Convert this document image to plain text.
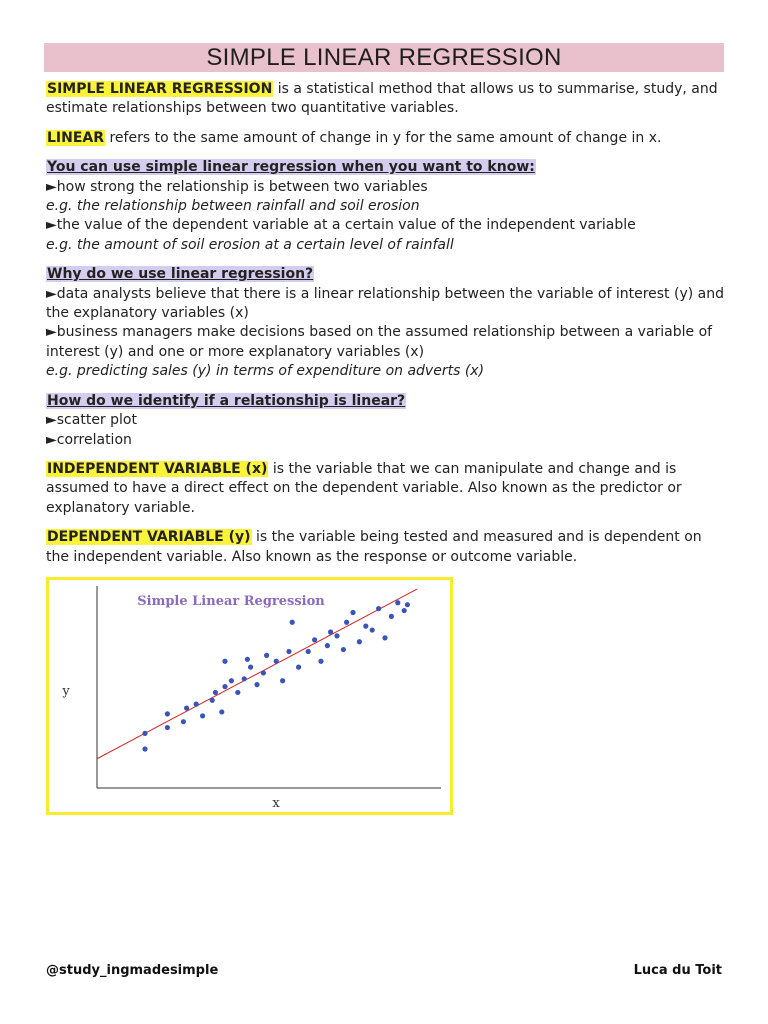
SIMPLE LINEAR REGRESSION

SIMPLE LINEAR REGRESSION is a statistical method that allows us to summarise, study, and estimate relationships between two quantitative variables.

LINEAR refers to the same amount of change in y for the same amount of change in x.

You can use simple linear regression when you want to know:

►how strong the relationship is between two variables

e.g. the relationship between rainfall and soil erosion

►the value of the dependent variable at a certain value of the independent variable

e.g. the amount of soil erosion at a certain level of rainfall

Why do we use linear regression?

►data analysts believe that there is a linear relationship between the variable of interest (y) and the explanatory variables (x)

►business managers make decisions based on the assumed relationship between a variable of interest (y) and one or more explanatory variables (x)

e.g. predicting sales (y) in terms of expenditure on adverts (x)

How do we identify if a relationship is linear?

►scatter plot

►correlation

INDEPENDENT VARIABLE (x) is the variable that we can manipulate and change and is assumed to have a direct effect on the dependent variable. Also known as the predictor or explanatory variable.

DEPENDENT VARIABLE (y) is the variable being tested and measured and is dependent on the independent variable. Also known as the response or outcome variable.

Simple Linear Regression
y
x
@study_ingmadesimple	Luca du Toit
